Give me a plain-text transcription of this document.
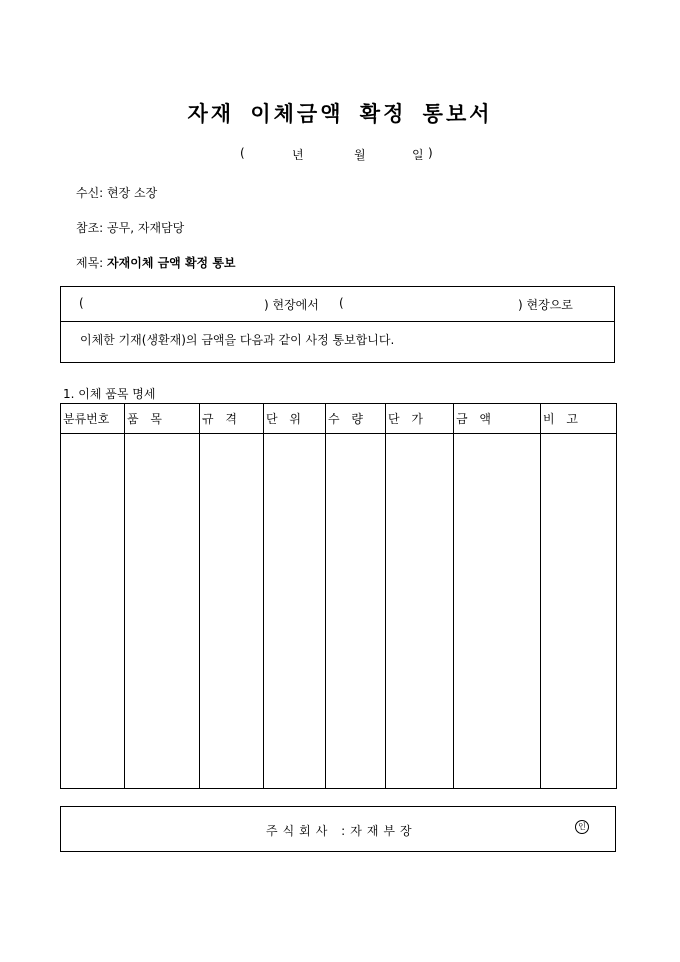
자재 이체금액 확정 통보서
(	년	월	일 )
수신: 현장 소장
참조: 공무, 자재담당
제목: 자재이체 금액 확정 통보
(	) 현장에서 (	) 현장으로
이체한 기재(생환재)의 금액을 다음과 같이 사정 통보합니다.
1. 이체 품목 명세
분류번호	품 목	규 격	단 위	수 량	단 가	금 액	비 고

주식회사 :자재부장	인
